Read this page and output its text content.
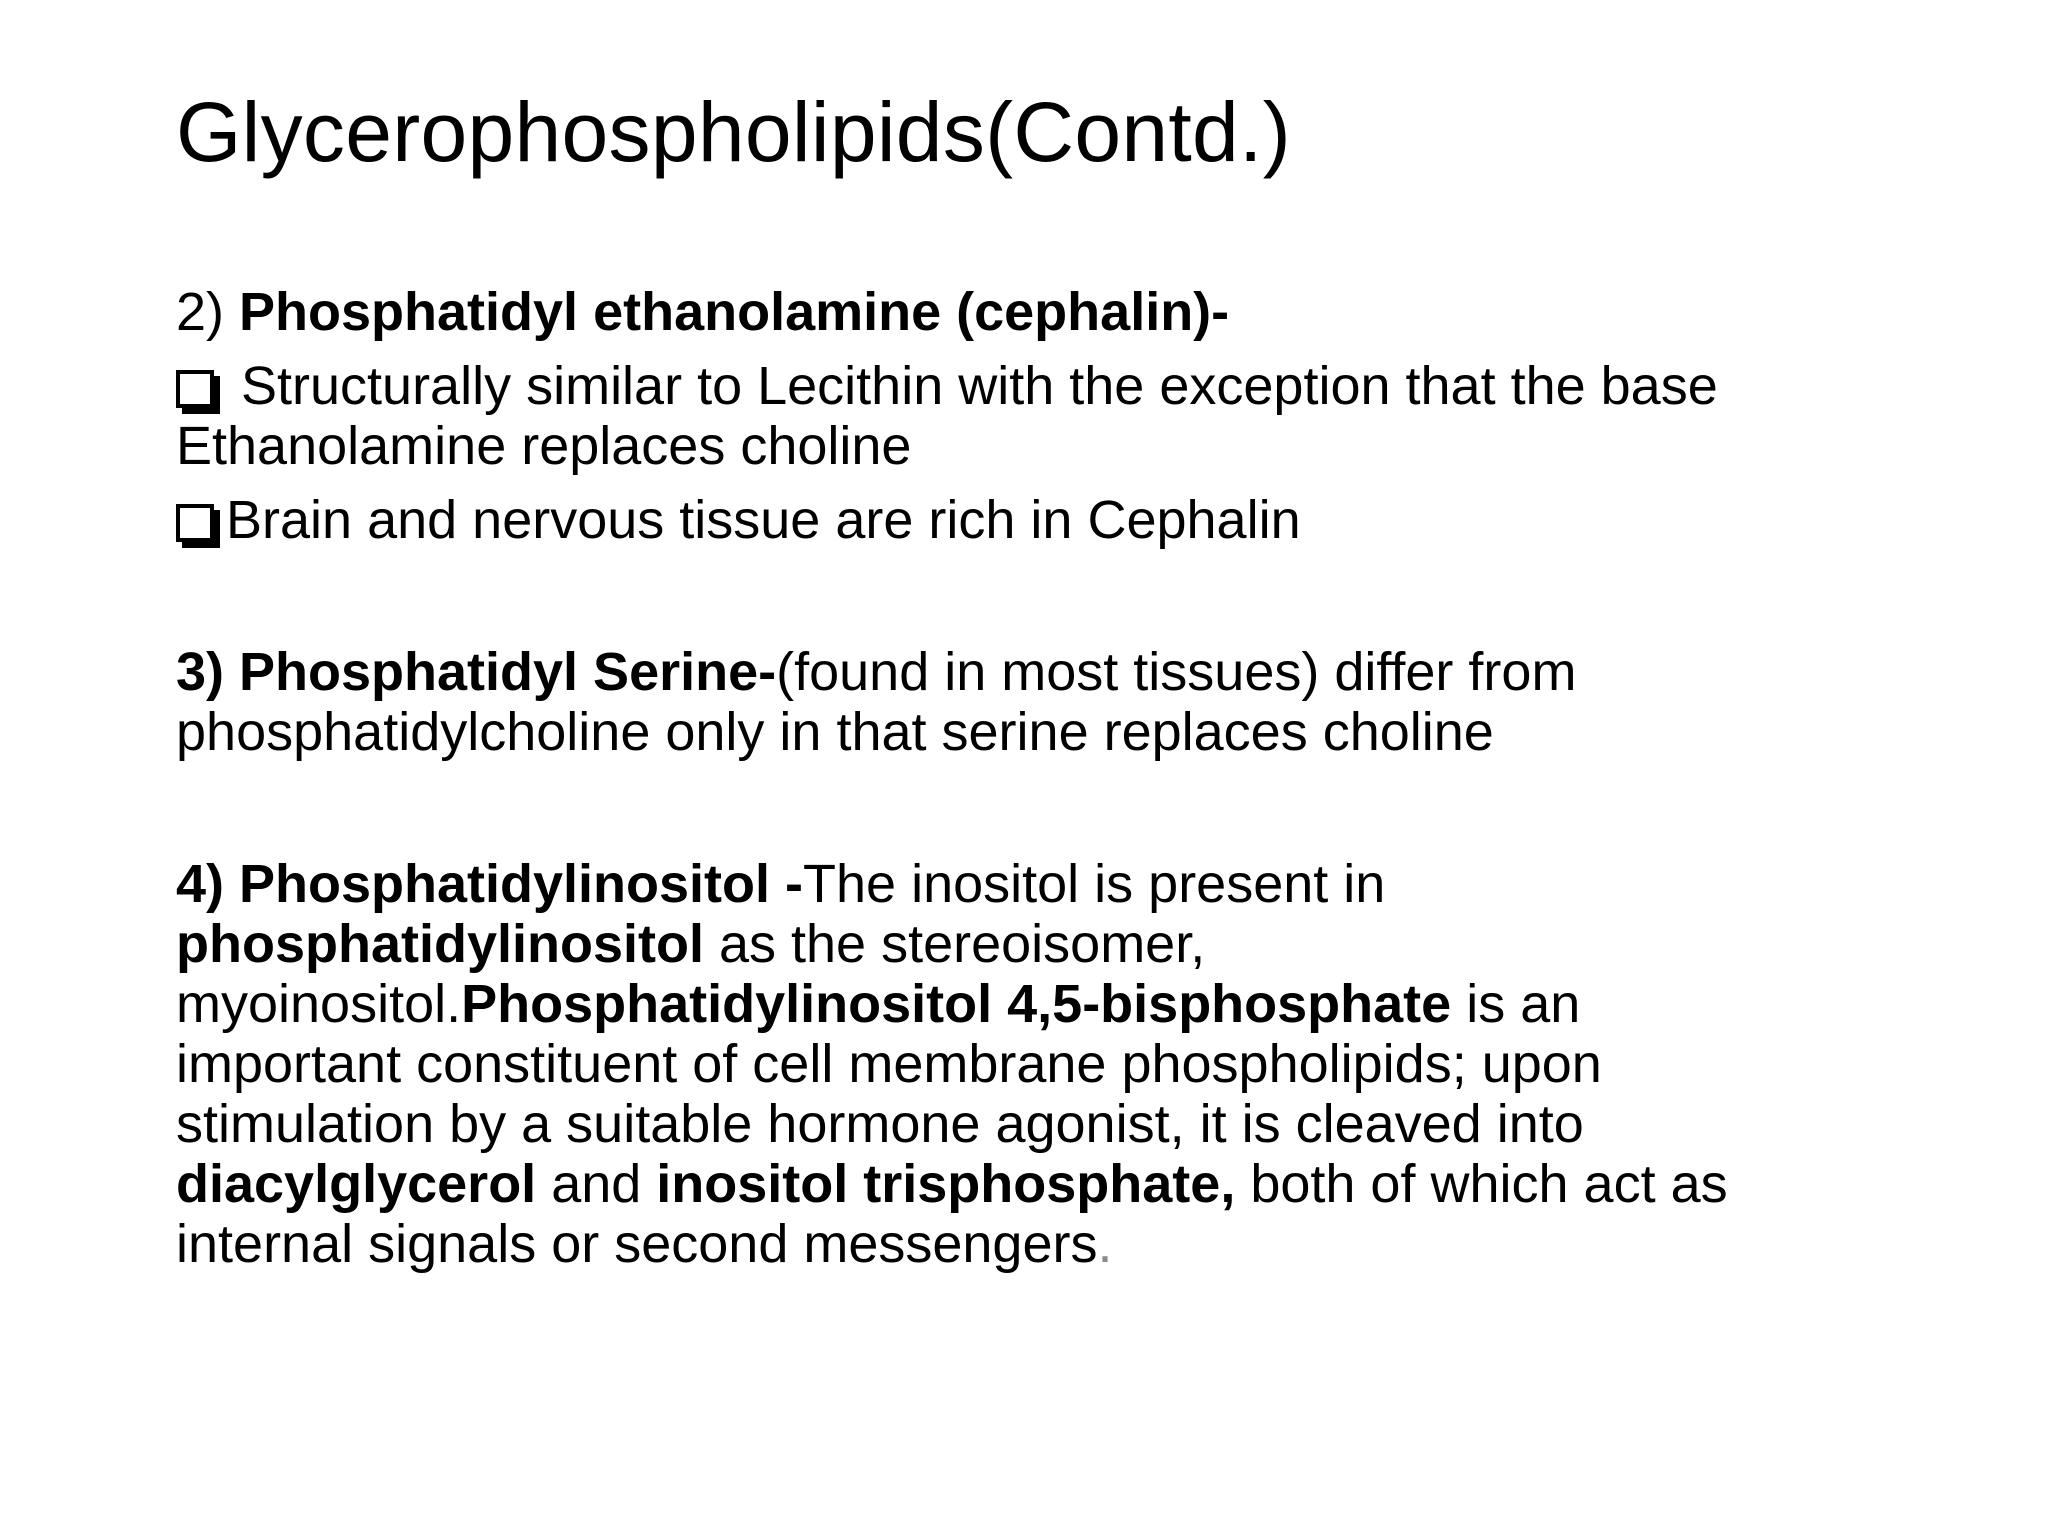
Glycerophospholipids(Contd.)

2) Phosphatidyl ethanolamine (cephalin)-

Structurally similar to Lecithin with the exception that the base
Ethanolamine replaces choline

Brain and nervous tissue are rich in Cephalin

3) Phosphatidyl Serine-(found in most tissues) differ from
phosphatidylcholine only in that serine replaces choline

4) Phosphatidylinositol -The inositol is present in
phosphatidylinositol as the stereoisomer,
myoinositol.Phosphatidylinositol 4,5-bisphosphate is an
important constituent of cell membrane phospholipids; upon
stimulation by a suitable hormone agonist, it is cleaved into
diacylglycerol and inositol trisphosphate, both of which act as
internal signals or second messengers.
